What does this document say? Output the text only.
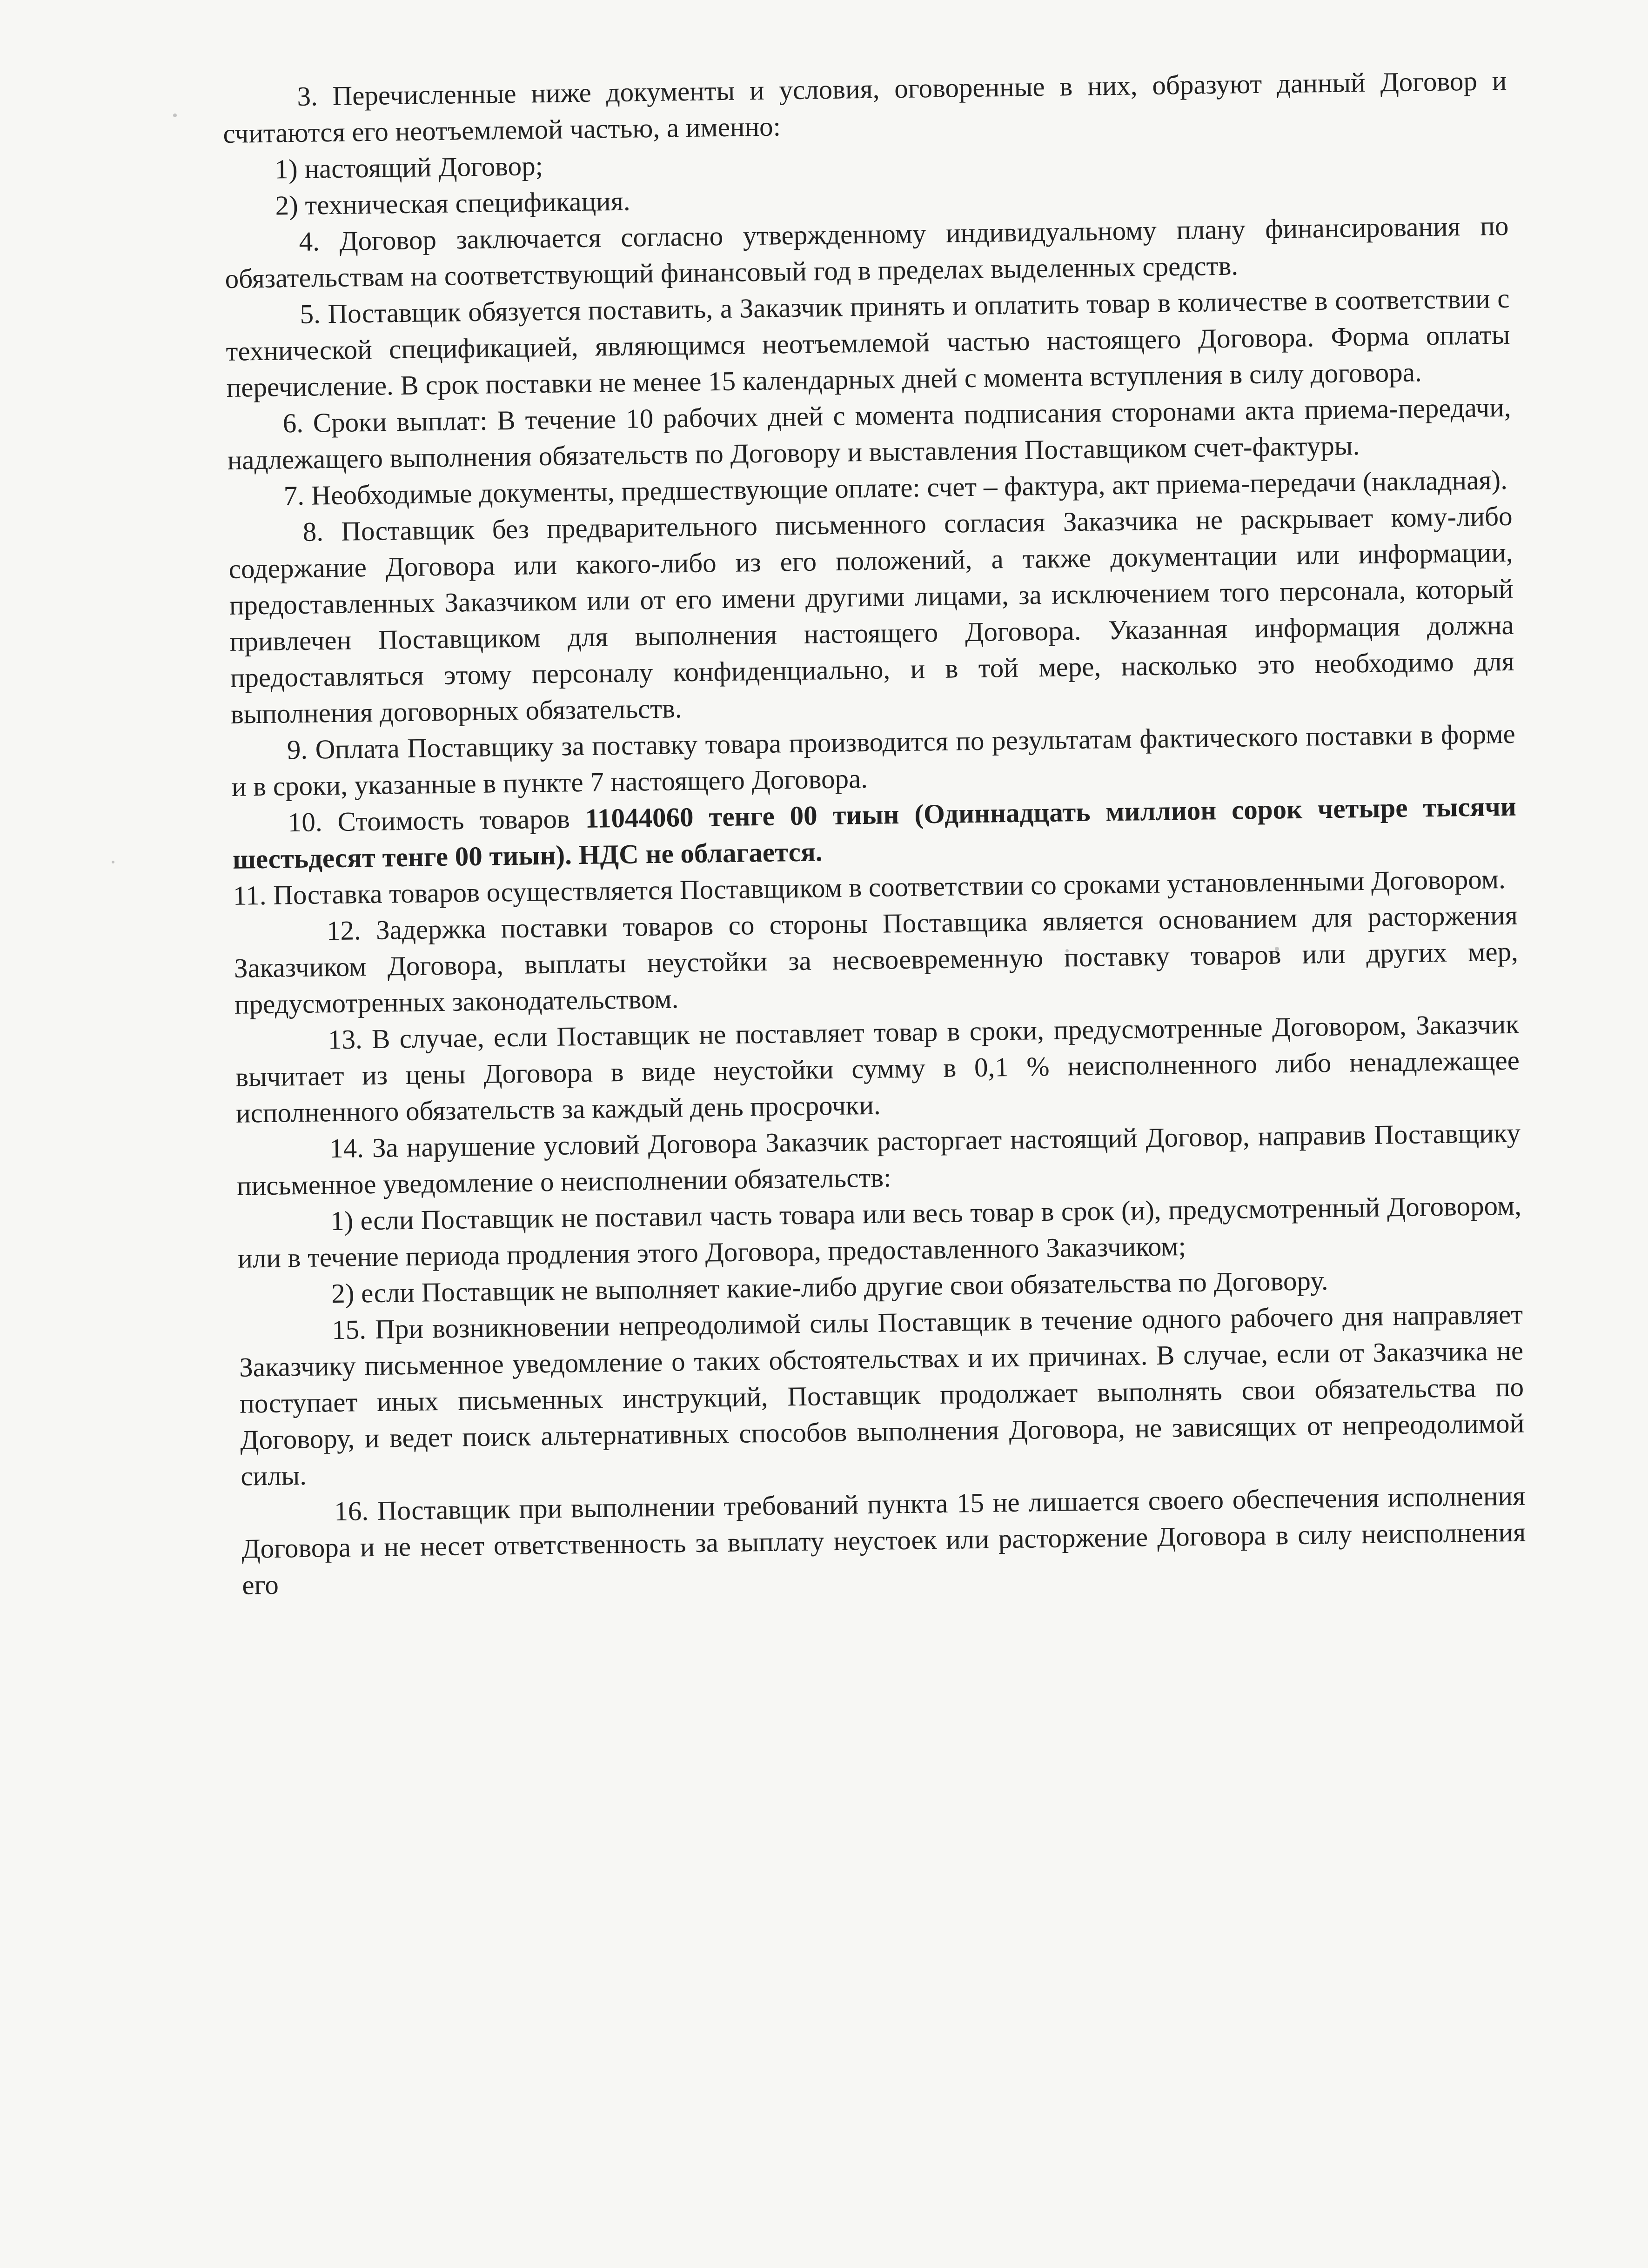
3. Перечисленные ниже документы и условия, оговоренные в них, образуют данный Договор и считаются его неотъемлемой частью, а именно:

1) настоящий Договор;

2) техническая спецификация.

4. Договор заключается согласно утвержденному индивидуальному плану финансирования по обязательствам на соответствующий финансовый год в пределах выделенных средств.

5. Поставщик обязуется поставить, а Заказчик принять и оплатить товар в количестве в соответствии с технической спецификацией, являющимся неотъемлемой частью настоящего Договора. Форма оплаты перечисление. В срок поставки не менее 15 календарных дней с момента вступления в силу договора.

6. Сроки выплат: В течение 10 рабочих дней с момента подписания сторонами акта приема-передачи, надлежащего выполнения обязательств по Договору и выставления Поставщиком счет-фактуры.

7. Необходимые документы, предшествующие оплате: счет – фактура, акт приема-передачи (накладная).

8. Поставщик без предварительного письменного согласия Заказчика не раскрывает кому-либо содержание Договора или какого-либо из его положений, а также документации или информации, предоставленных Заказчиком или от его имени другими лицами, за исключением того персонала, который привлечен Поставщиком для выполнения настоящего Договора. Указанная информация должна предоставляться этому персоналу конфиденциально, и в той мере, насколько это необходимо для выполнения договорных обязательств.

9. Оплата Поставщику за поставку товара производится по результатам фактического поставки в форме и в сроки, указанные в пункте 7 настоящего Договора.

10. Стоимость товаров 11044060 тенге 00 тиын (Одиннадцать миллион сорок четыре тысячи шестьдесят тенге 00 тиын). НДС не облагается.

11. Поставка товаров осуществляется Поставщиком в соответствии со сроками установленными Договором.

12. Задержка поставки товаров со стороны Поставщика является основанием для расторжения Заказчиком Договора, выплаты неустойки за несвоевременную поставку товаров или других мер, предусмотренных законодательством.

13. В случае, если Поставщик не поставляет товар в сроки, предусмотренные Договором, Заказчик вычитает из цены Договора в виде неустойки сумму в 0,1 % неисполненного либо ненадлежащее исполненного обязательств за каждый день просрочки.

14. За нарушение условий Договора Заказчик расторгает настоящий Договор, направив Поставщику письменное уведомление о неисполнении обязательств:

1) если Поставщик не поставил часть товара или весь товар в срок (и), предусмотренный Договором, или в течение периода продления этого Договора, предоставленного Заказчиком;

2) если Поставщик не выполняет какие-либо другие свои обязательства по Договору.

15. При возникновении непреодолимой силы Поставщик в течение одного рабочего дня направляет Заказчику письменное уведомление о таких обстоятельствах и их причинах. В случае, если от Заказчика не поступает иных письменных инструкций, Поставщик продолжает выполнять свои обязательства по Договору, и ведет поиск альтернативных способов выполнения Договора, не зависящих от непреодолимой силы.

16. Поставщик при выполнении требований пункта 15 не лишается своего обеспечения исполнения Договора и не несет ответственность за выплату неустоек или расторжение Договора в силу неисполнения его
